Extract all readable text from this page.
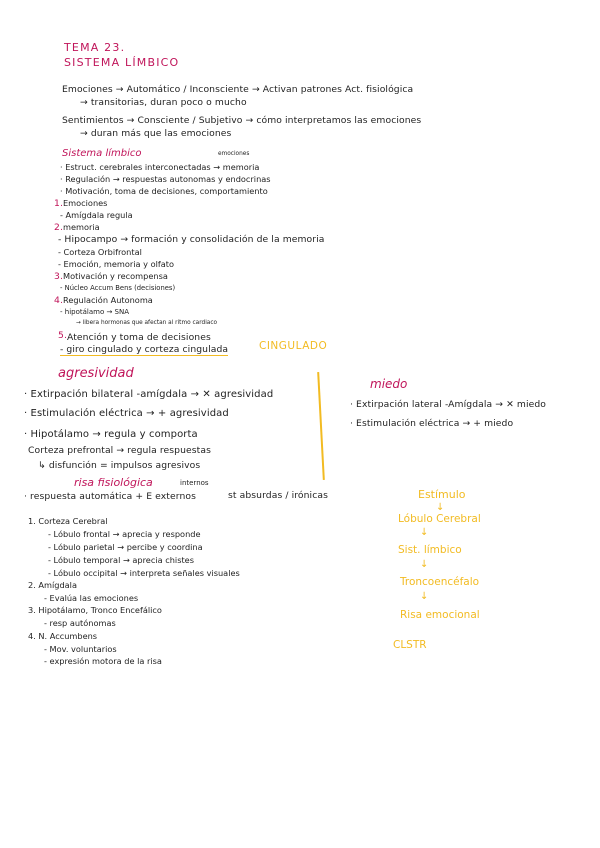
TEMA 23.
SISTEMA LÍMBICO
Emociones → Automático / Inconsciente → Activan patrones Act. fisiológica
→ transitorias, duran poco o mucho
Sentimientos → Consciente / Subjetivo → cómo interpretamos las emociones
→ duran más que las emociones
Sistema límbico	emociones
· Estruct. cerebrales interconectadas → memoria
· Regulación → respuestas autonomas y endocrinas
· Motivación, toma de decisiones, comportamiento
1. Emociones
- Amígdala regula
2. memoria
- Hipocampo → formación y consolidación de la memoria
- Corteza Orbifrontal
- Emoción, memoria y olfato
3. Motivación y recompensa
- Núcleo Accum Bens (decisiones)
4. Regulación Autonoma
- hipotálamo → SNA
→ libera hormonas que afectan al ritmo cardiaco
5. Atención y toma de decisiones
- giro cingulado y corteza cingulada	CINGULADO
agresividad
· Extirpación bilateral -amígdala → ✕ agresividad
· Estimulación eléctrica → + agresividad
· Hipotálamo → regula y comporta
Corteza prefrontal → regula respuestas
↳ disfunción = impulsos agresivos
miedo
· Extirpación lateral -Amígdala → ✕ miedo
· Estimulación eléctrica → + miedo
risa fisiológica	internos
· respuesta automática + E externos	st absurdas / irónicas
1. Corteza Cerebral
- Lóbulo frontal → aprecia y responde
- Lóbulo parietal → percibe y coordina
- Lóbulo temporal → aprecia chistes
- Lóbulo occipital → interpreta señales visuales
2. Amígdala
- Evalúa las emociones
3. Hipotálamo, Tronco Encefálico
- resp autónomas
4. N. Accumbens
- Mov. voluntarios
- expresión motora de la risa
Estímulo
↓
Lóbulo Cerebral
↓
Sist. límbico
↓
Troncoencéfalo
↓
Risa emocional
CLSTR
